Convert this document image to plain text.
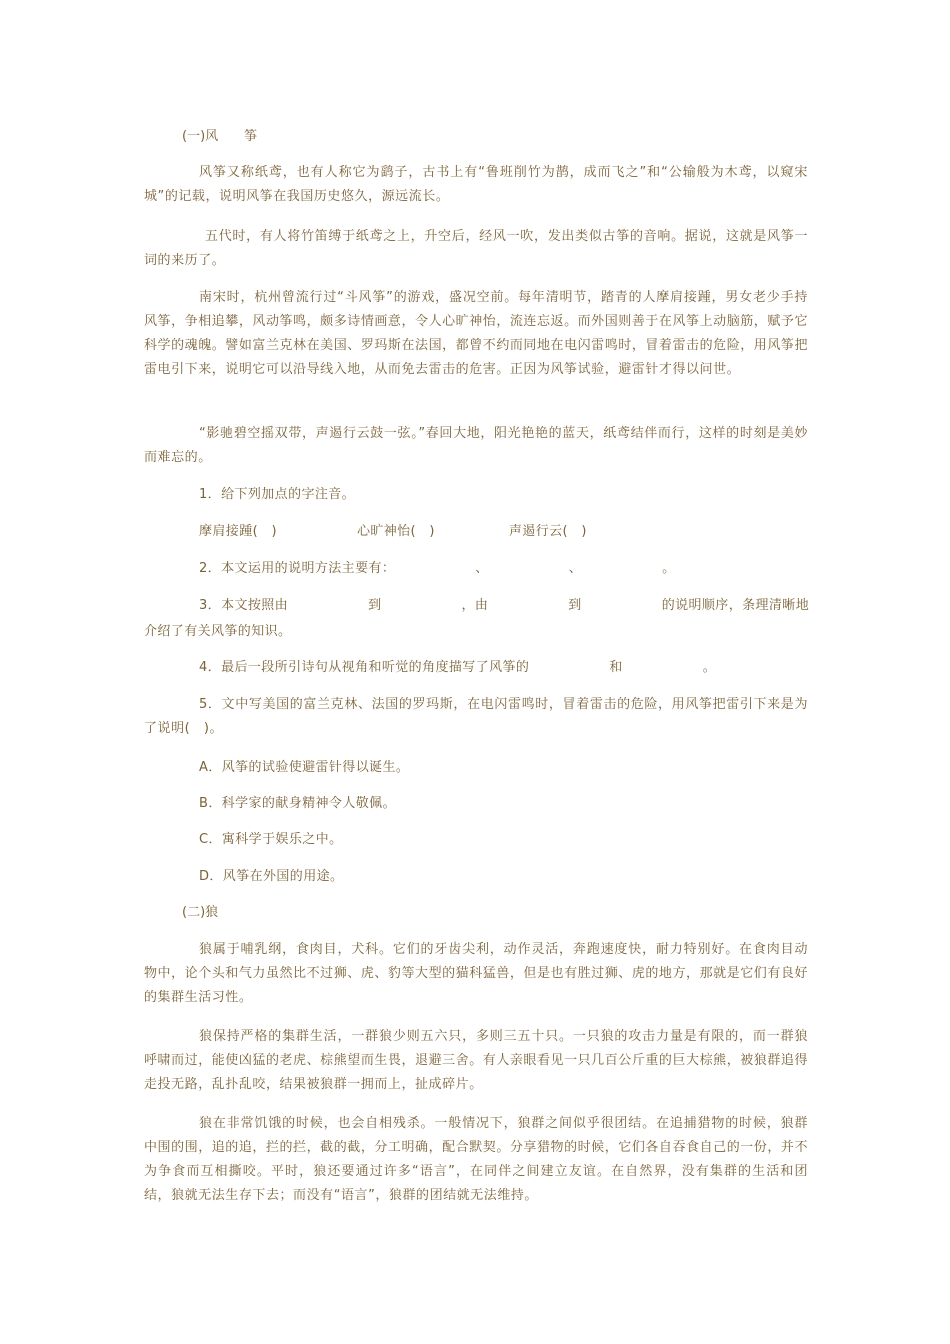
(一)风 筝
风筝又称纸鸢，也有人称它为鹞子，古书上有“鲁班削竹为鹊，成而飞之”和“公输般为木鸢，以窥宋城”的记载，说明风筝在我国历史悠久，源远流长。
五代时，有人将竹笛缚于纸鸢之上，升空后，经风一吹，发出类似古筝的音响。据说，这就是风筝一词的来历了。
南宋时，杭州曾流行过“斗风筝”的游戏，盛况空前。每年清明节，踏青的人摩肩接踵，男女老少手持风筝，争相追攀，风动筝鸣，颇多诗情画意，令人心旷神怡，流连忘返。而外国则善于在风筝上动脑筋，赋予它科学的魂魄。譬如富兰克林在美国、罗玛斯在法国，都曾不约而同地在电闪雷鸣时，冒着雷击的危险，用风筝把雷电引下来，说明它可以沿导线入地，从而免去雷击的危害。正因为风筝试验，避雷针才得以问世。
“影驰碧空摇双带，声遏行云鼓一弦。”春回大地，阳光艳艳的蓝天，纸鸢结伴而行，这样的时刻是美妙而难忘的。
1．给下列加点的字注音。
摩肩接踵(　)	心旷神怡(　)	声遏行云(　)
2．本文运用的说明方法主要有：	、	、	。
3．本文按照由	到	，由	到	的说明顺序，条理清晰地
介绍了有关风筝的知识。
4．最后一段所引诗句从视角和听觉的角度描写了风筝的	和	。
5．文中写美国的富兰克林、法国的罗玛斯，在电闪雷鸣时，冒着雷击的危险，用风筝把雷引下来是为了说明(　)。
A．风筝的试验使避雷针得以诞生。
B．科学家的献身精神令人敬佩。
C．寓科学于娱乐之中。
D．风筝在外国的用途。
(二)狼
狼属于哺乳纲，食肉目，犬科。它们的牙齿尖利，动作灵活，奔跑速度快，耐力特别好。在食肉目动物中，论个头和气力虽然比不过狮、虎、豹等大型的猫科猛兽，但是也有胜过狮、虎的地方，那就是它们有良好的集群生活习性。
狼保持严格的集群生活，一群狼少则五六只，多则三五十只。一只狼的攻击力量是有限的，而一群狼呼啸而过，能使凶猛的老虎、棕熊望而生畏，退避三舍。有人亲眼看见一只几百公斤重的巨大棕熊，被狼群追得走投无路，乱扑乱咬，结果被狼群一拥而上，扯成碎片。
狼在非常饥饿的时候，也会自相残杀。一般情况下，狼群之间似乎很团结。在追捕猎物的时候，狼群中围的围，追的追，拦的拦，截的截，分工明确，配合默契。分享猎物的时候，它们各自吞食自己的一份，并不为争食而互相撕咬。平时，狼还要通过许多“语言”，在同伴之间建立友谊。在自然界，没有集群的生活和团结，狼就无法生存下去；而没有“语言”，狼群的团结就无法维持。
